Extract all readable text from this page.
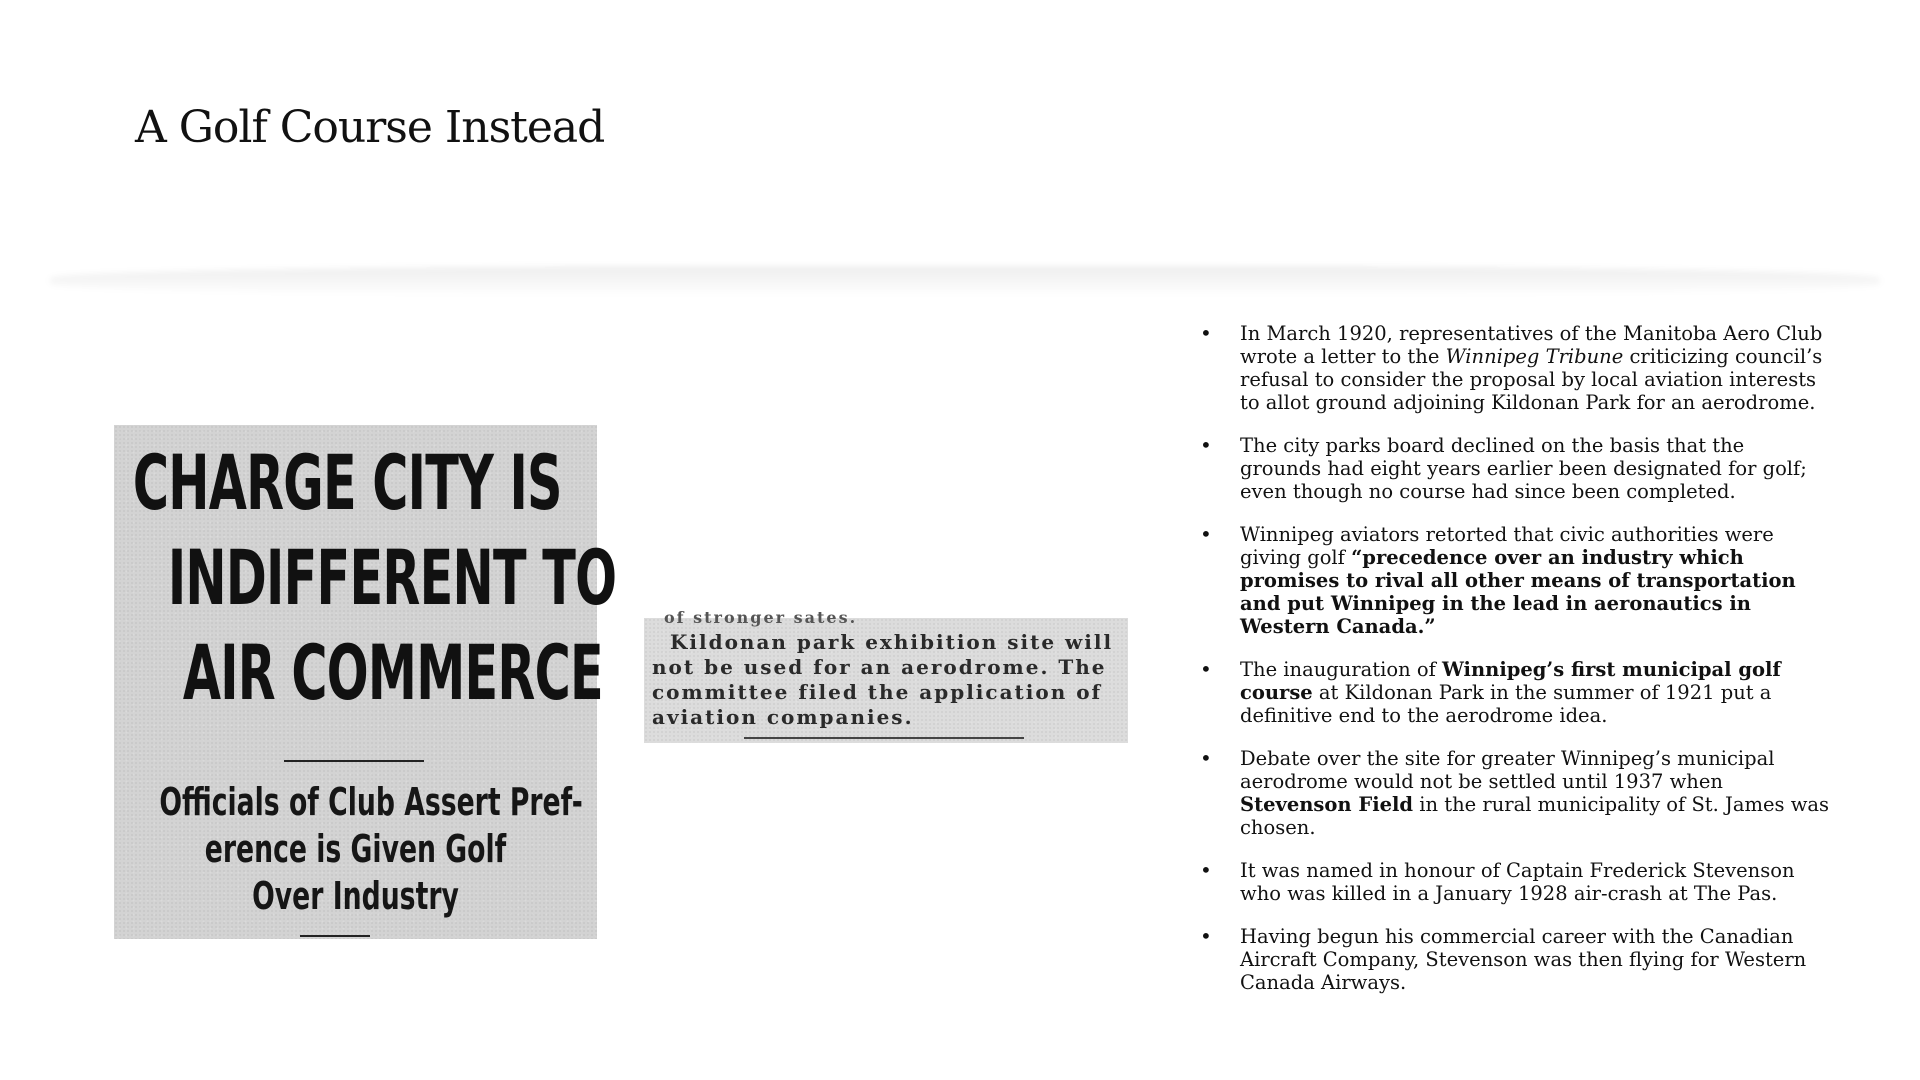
A Golf Course Instead
CHARGE CITY IS
INDIFFERENT TO
AIR COMMERCE
Officials of Club Assert Pref-
erence is Given Golf
Over Industry
of stronger sates.
Kildonan park exhibition site will
not be used for an aerodrome. The
committee filed the application of
aviation companies.
• In March 1920, representatives of the Manitoba Aero Club wrote a letter to the Winnipeg Tribune criticizing council’s refusal to consider the proposal by local aviation interests to allot ground adjoining Kildonan Park for an aerodrome.
• The city parks board declined on the basis that the grounds had eight years earlier been designated for golf; even though no course had since been completed.
• Winnipeg aviators retorted that civic authorities were giving golf “precedence over an industry which promises to rival all other means of transportation and put Winnipeg in the lead in aeronautics in Western Canada.”
• The inauguration of Winnipeg’s first municipal golf course at Kildonan Park in the summer of 1921 put a definitive end to the aerodrome idea.
• Debate over the site for greater Winnipeg’s municipal aerodrome would not be settled until 1937 when Stevenson Field in the rural municipality of St. James was chosen.
• It was named in honour of Captain Frederick Stevenson who was killed in a January 1928 air-crash at The Pas.
• Having begun his commercial career with the Canadian Aircraft Company, Stevenson was then flying for Western Canada Airways.
